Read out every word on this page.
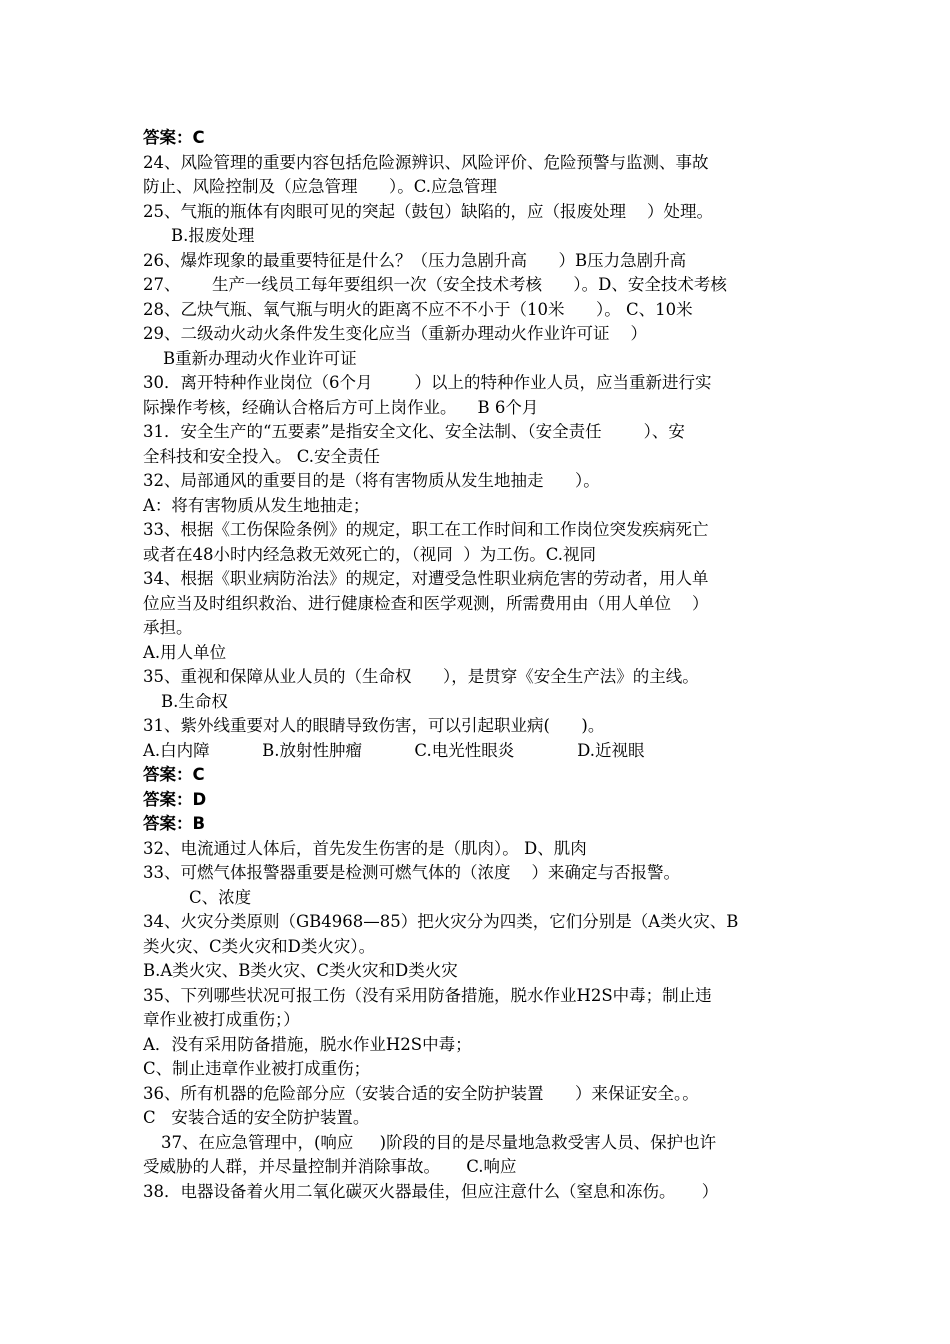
答案：C

24、风险管理的重要内容包括危险源辨识、风险评价、危险预警与监测、事故

防止、风险控制及（应急管理      ）。C.应急管理

25、气瓶的瓶体有肉眼可见的突起（鼓包）缺陷的，应（报废处理    ）处理。

B.报废处理

26、爆炸现象的最重要特征是什么？（压力急剧升高      ）B压力急剧升高

27、      生产一线员工每年要组织一次（安全技术考核      ）。D、安全技术考核

28、乙炔气瓶、氧气瓶与明火的距离不应不不小于（10米      ）。 C、10米

29、二级动火动火条件发生变化应当（重新办理动火作业许可证    ）

B重新办理动火作业许可证

30．离开特种作业岗位（6个月        ）以上的特种作业人员，应当重新进行实

际操作考核，经确认合格后方可上岗作业。    B 6个月

31．安全生产的“五要素”是指安全文化、安全法制、（安全责任        ）、安

全科技和安全投入。 C.安全责任

32、局部通风的重要目的是（将有害物质从发生地抽走      ）。

A：将有害物质从发生地抽走；

33、根据《工伤保险条例》的规定，职工在工作时间和工作岗位突发疾病死亡

或者在48小时内经急救无效死亡的，（视同  ）为工伤。C.视同

34、根据《职业病防治法》的规定，对遭受急性职业病危害的劳动者，用人单

位应当及时组织救治、进行健康检查和医学观测，所需费用由（用人单位    ）

承担。

A.用人单位

35、重视和保障从业人员的（生命权      ），是贯穿《安全生产法》的主线。

B.生命权

31、紫外线重要对人的眼睛导致伤害，可以引起职业病(      )。

A.白内障          B.放射性肿瘤          C.电光性眼炎            D.近视眼

答案：C

答案：D

答案：B

32、电流通过人体后，首先发生伤害的是（肌肉）。 D、肌肉

33、可燃气体报警器重要是检测可燃气体的（浓度    ）来确定与否报警。

C、浓度

34、火灾分类原则（GB4968—85）把火灾分为四类，它们分别是（A类火灾、B

类火灾、C类火灾和D类火灾）。

B.A类火灾、B类火灾、C类火灾和D类火灾

35、下列哪些状况可报工伤（没有采用防备措施，脱水作业H2S中毒；制止违

章作业被打成重伤；）

A．没有采用防备措施，脱水作业H2S中毒；

C、制止违章作业被打成重伤；

36、所有机器的危险部分应（安装合适的安全防护装置      ）来保证安全。。

C   安装合适的安全防护装置。

37、在应急管理中，(响应     )阶段的目的是尽量地急救受害人员、保护也许

受威胁的人群，并尽量控制并消除事故。     C.响应

38．电器设备着火用二氧化碳灭火器最佳，但应注意什么（窒息和冻伤。     ）
